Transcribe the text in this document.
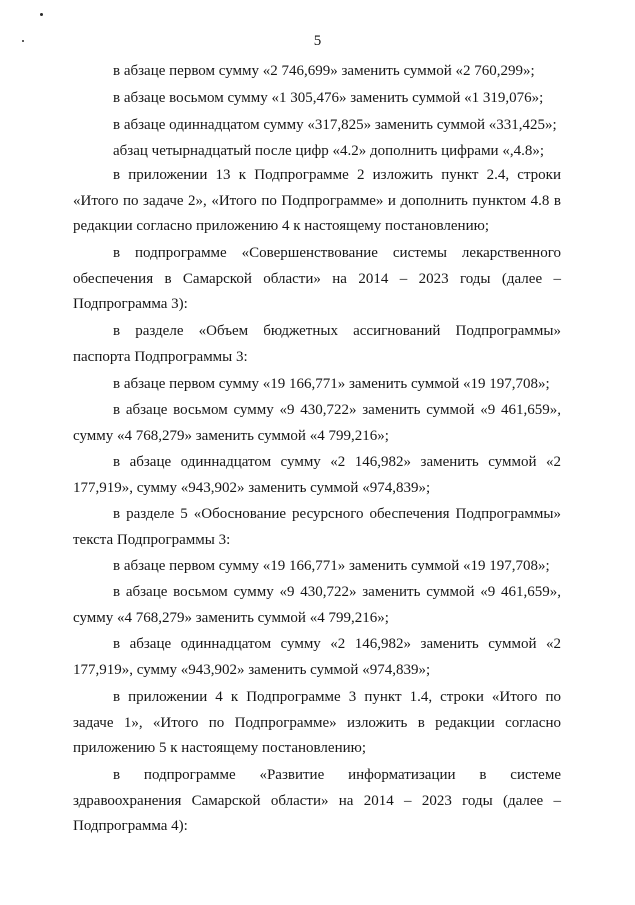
5

в абзаце первом сумму «2 746,699» заменить суммой «2 760,299»;

в абзаце восьмом сумму «1 305,476» заменить суммой «1 319,076»;

в абзаце одиннадцатом сумму «317,825» заменить суммой «331,425»;

абзац четырнадцатый после цифр «4.2» дополнить цифрами «,4.8»;

в приложении 13 к Подпрограмме 2 изложить пункт 2.4, строки «Итого по задаче 2», «Итого по Подпрограмме» и дополнить пунктом 4.8 в редакции согласно приложению 4 к настоящему постановлению;

в подпрограмме «Совершенствование системы лекарственного обеспечения в Самарской области» на 2014 – 2023 годы (далее – Подпрограмма 3):

в разделе «Объем бюджетных ассигнований Подпрограммы» паспорта Подпрограммы 3:

в абзаце первом сумму «19 166,771» заменить суммой «19 197,708»;

в абзаце восьмом сумму «9 430,722» заменить суммой «9 461,659», сумму «4 768,279» заменить суммой «4 799,216»;

в абзаце одиннадцатом сумму «2 146,982» заменить суммой «2 177,919», сумму «943,902» заменить суммой «974,839»;

в разделе 5 «Обоснование ресурсного обеспечения Подпрограммы» текста Подпрограммы 3:

в абзаце первом сумму «19 166,771» заменить суммой «19 197,708»;

в абзаце восьмом сумму «9 430,722» заменить суммой «9 461,659», сумму «4 768,279» заменить суммой «4 799,216»;

в абзаце одиннадцатом сумму «2 146,982» заменить суммой «2 177,919», сумму «943,902» заменить суммой «974,839»;

в приложении 4 к Подпрограмме 3 пункт 1.4, строки «Итого по задаче 1», «Итого по Подпрограмме» изложить в редакции согласно приложению 5 к настоящему постановлению;

в подпрограмме «Развитие информатизации в системе здравоохранения Самарской области» на 2014 – 2023 годы (далее – Подпрограмма 4):
